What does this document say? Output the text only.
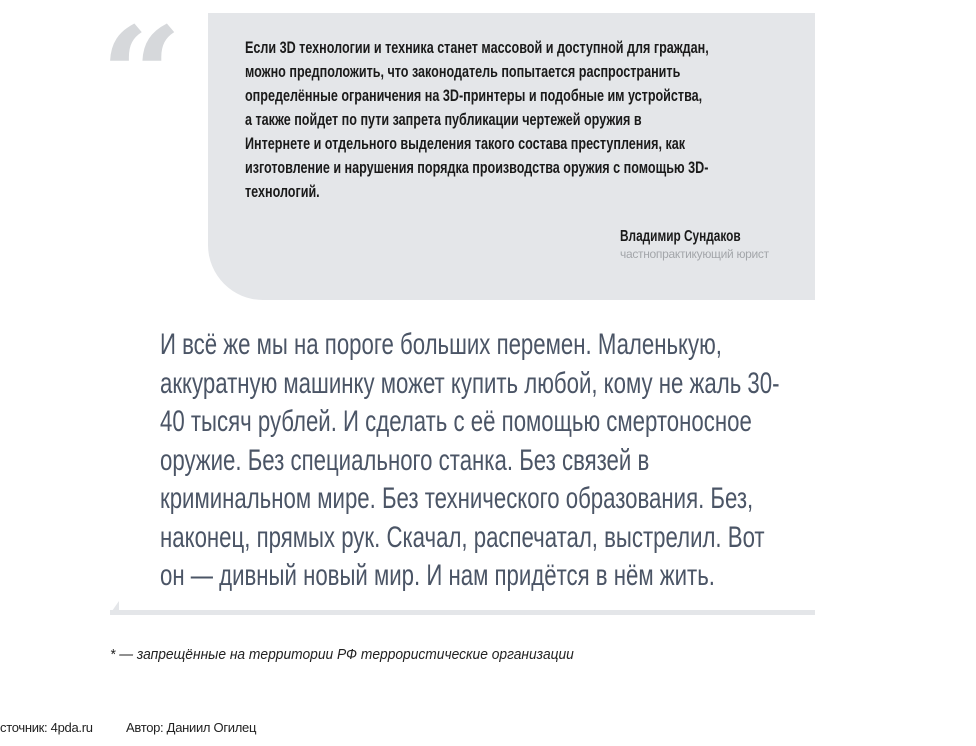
“	Если 3D технологии и техника станет массовой и доступной для граждан,
можно предположить, что законодатель попытается распространить
определённые ограничения на 3D-принтеры и подобные им устройства,
а также пойдет по пути запрета публикации чертежей оружия в
Интернете и отдельного выделения такого состава преступления, как
изготовление и нарушения порядка производства оружия с помощью 3D-
технологий.
Владимир Сундаков
частнопрактикующий юрист
И всё же мы на пороге больших перемен. Маленькую,
аккуратную машинку может купить любой, кому не жаль 30-
40 тысяч рублей. И сделать с её помощью смертоносное
оружие. Без специального станка. Без связей в
криминальном мире. Без технического образования. Без,
наконец, прямых рук. Скачал, распечатал, выстрелил. Вот
он — дивный новый мир. И нам придётся в нём жить.
* — запрещённые на территории РФ террористические организации
сточник: 4pda.ru	Автор: Даниил Огилец
